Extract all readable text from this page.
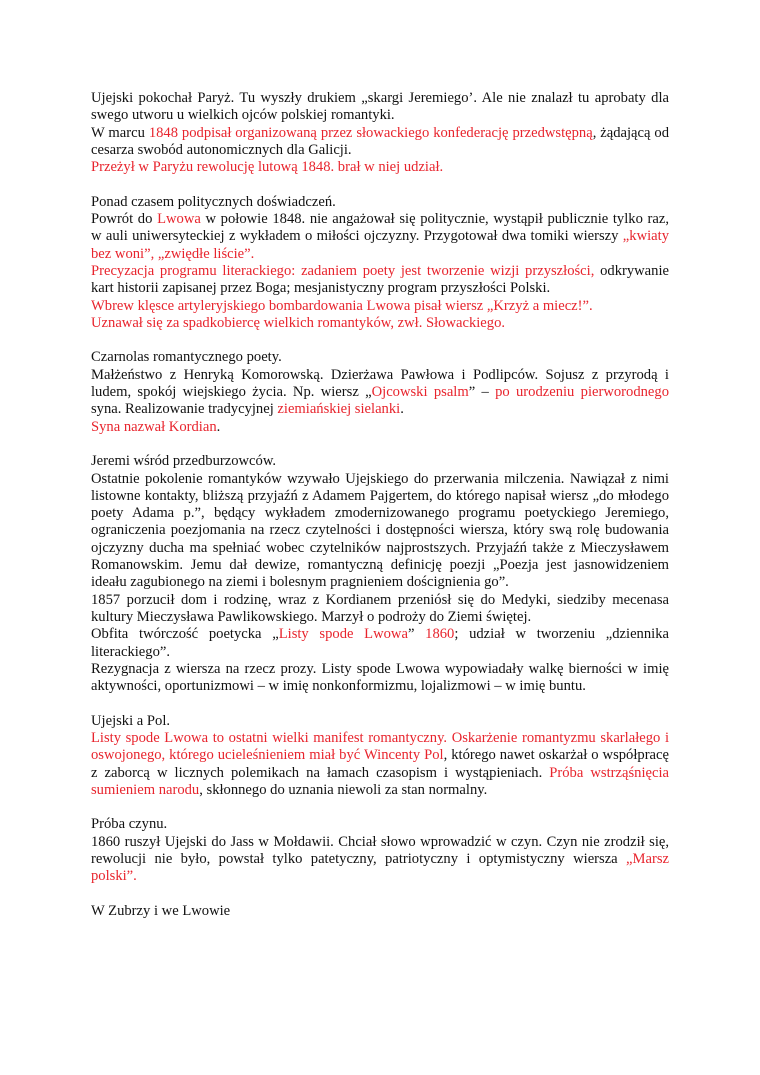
Ujejski pokochał Paryż. Tu wyszły drukiem „skargi Jeremiego’. Ale nie znalazł tu aprobaty dla swego utworu u wielkich ojców polskiej romantyki.

W marcu 1848 podpisał organizowaną przez słowackiego konfederację przedwstępną, żądającą od cesarza swobód autonomicznych dla Galicji.

Przeżył w Paryżu rewolucję lutową 1848. brał w niej udział.

Ponad czasem politycznych doświadczeń.

Powrót do Lwowa w połowie 1848. nie angażował się politycznie, wystąpił publicznie tylko raz, w auli uniwersyteckiej z wykładem o miłości ojczyzny. Przygotował dwa tomiki wierszy „kwiaty bez woni”, „zwiędłe liście”.

Precyzacja programu literackiego: zadaniem poety jest tworzenie wizji przyszłości, odkrywanie kart historii zapisanej przez Boga; mesjanistyczny program przyszłości Polski.

Wbrew klęsce artyleryjskiego bombardowania Lwowa pisał wiersz „Krzyż a miecz!”.

Uznawał się za spadkobiercę wielkich romantyków, zwł. Słowackiego.

Czarnolas romantycznego poety.

Małżeństwo z Henryką Komorowską. Dzierżawa Pawłowa i Podlipców. Sojusz z przyrodą i ludem, spokój wiejskiego życia. Np. wiersz „Ojcowski psalm” – po urodzeniu pierworodnego syna. Realizowanie tradycyjnej ziemiańskiej sielanki.

Syna nazwał Kordian.

Jeremi wśród przedburzowców.

Ostatnie pokolenie romantyków wzywało Ujejskiego do przerwania milczenia. Nawiązał z nimi listowne kontakty, bliższą przyjaźń z Adamem Pajgertem, do którego napisał wiersz „do młodego poety Adama p.”, będący wykładem zmodernizowanego programu poetyckiego Jeremiego, ograniczenia poezjomania na rzecz czytelności i dostępności wiersza, który swą rolę budowania ojczyzny ducha ma spełniać wobec czytelników najprostszych. Przyjaźń także z Mieczysławem Romanowskim. Jemu dał dewize, romantyczną definicję poezji „Poezja jest jasnowidzeniem ideału zagubionego na ziemi i bolesnym pragnieniem doścignienia go”.

1857 porzucił dom i rodzinę, wraz z Kordianem przeniósł się do Medyki, siedziby mecenasa kultury Mieczysława Pawlikowskiego. Marzył o podroży do Ziemi świętej.

Obfita twórczość poetycka „Listy spode Lwowa” 1860; udział w tworzeniu „dziennika literackiego”.

Rezygnacja z wiersza na rzecz prozy. Listy spode Lwowa wypowiadały walkę bierności w imię aktywności, oportunizmowi – w imię nonkonformizmu, lojalizmowi – w imię buntu.

Ujejski a Pol.

Listy spode Lwowa to ostatni wielki manifest romantyczny. Oskarżenie romantyzmu skarlałego i oswojonego, którego ucieleśnieniem miał być Wincenty Pol, którego nawet oskarżał o współpracę z zaborcą w licznych polemikach na łamach czasopism i wystąpieniach. Próba wstrząśnięcia sumieniem narodu, skłonnego do uznania niewoli za stan normalny.

Próba czynu.

1860 ruszył Ujejski do Jass w Mołdawii. Chciał słowo wprowadzić w czyn. Czyn nie zrodził się, rewolucji nie było, powstał tylko patetyczny, patriotyczny i optymistyczny wiersza „Marsz polski”.

W Zubrzy i we Lwowie
